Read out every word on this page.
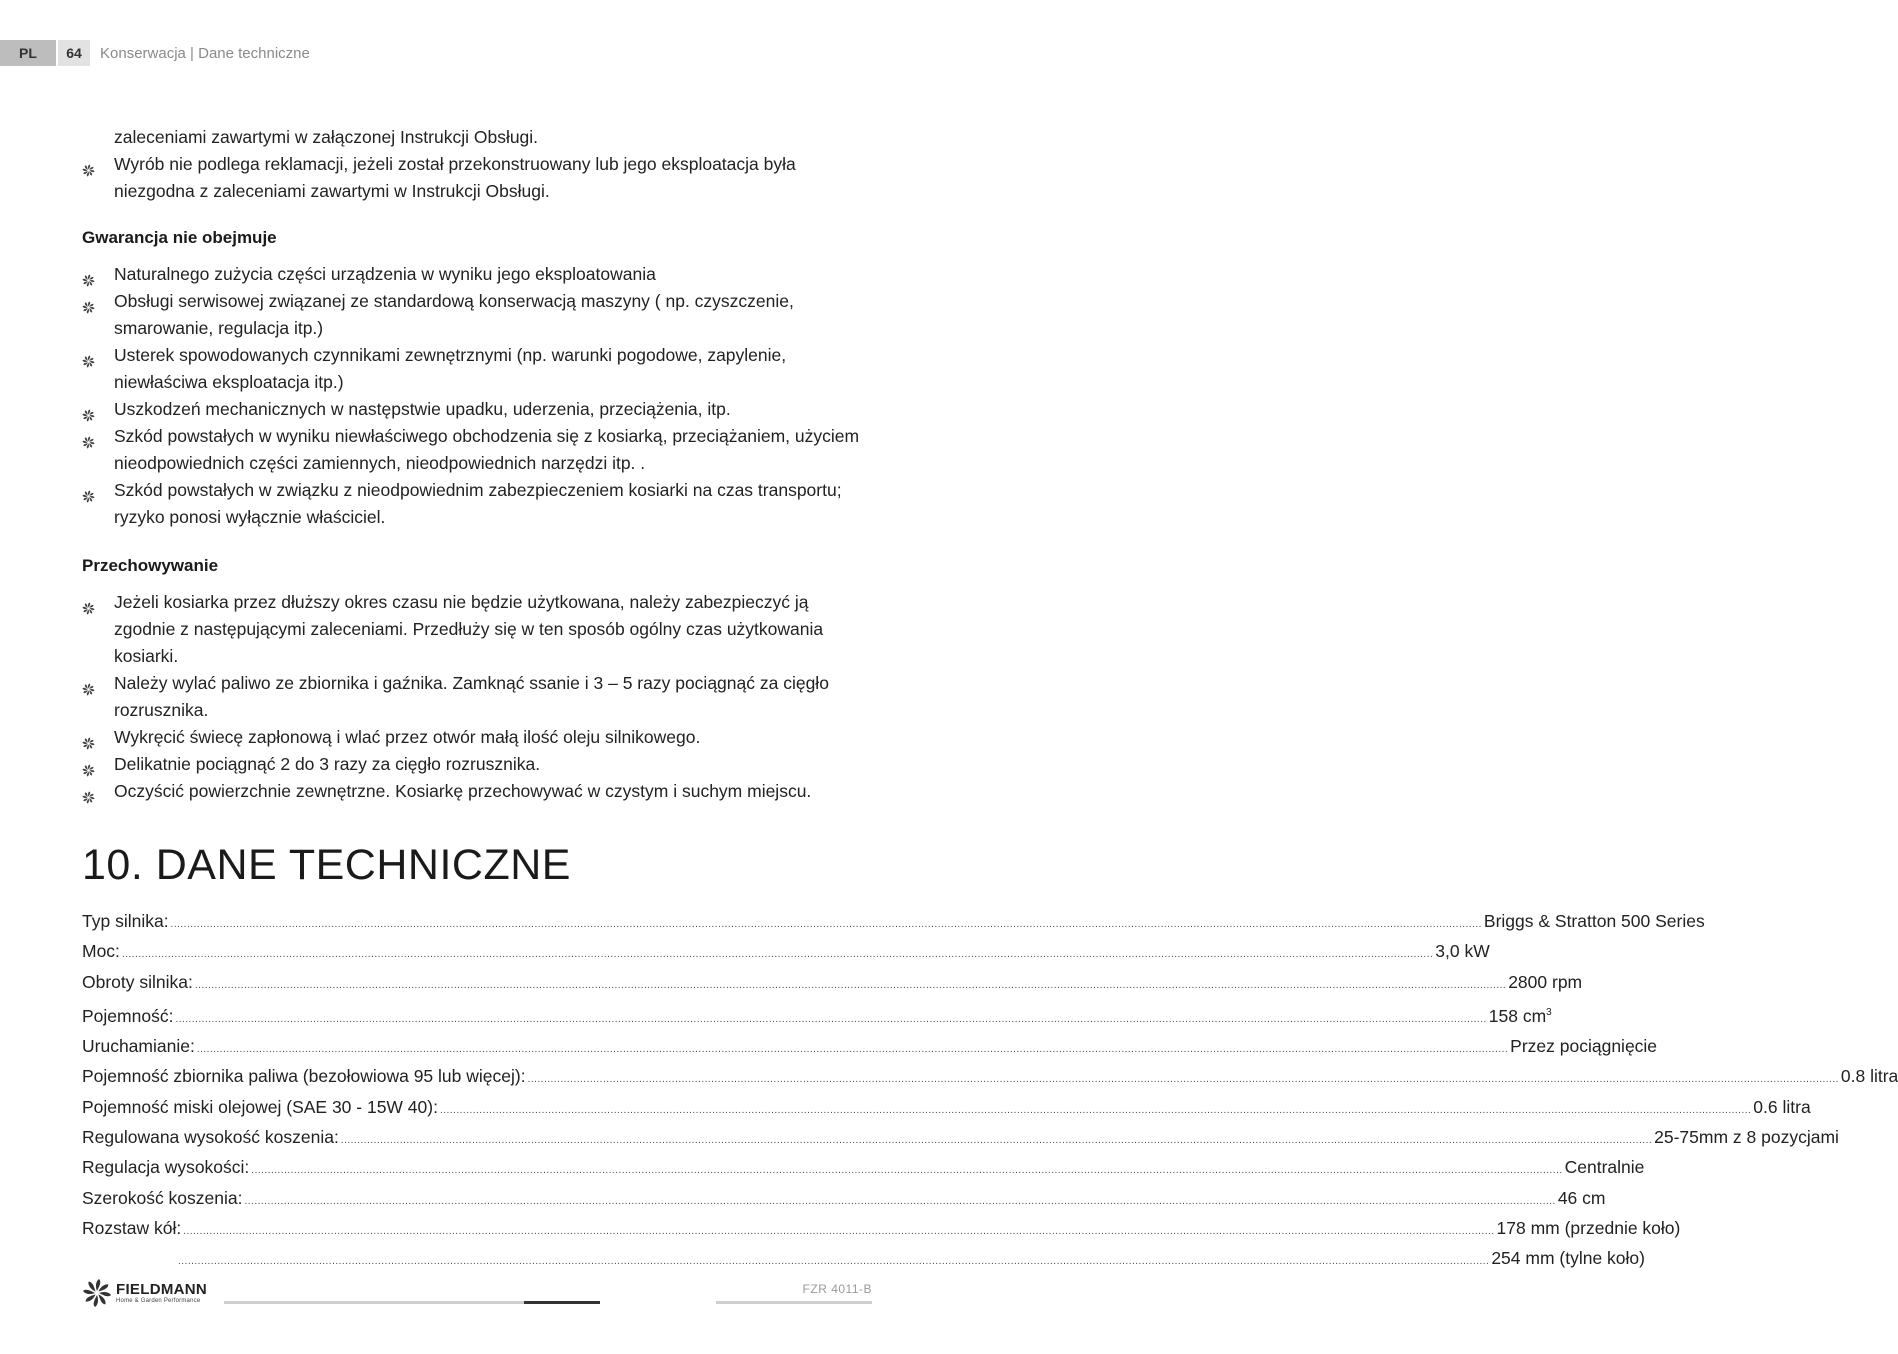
PL	64	Konserwacja | Dane techniczne
zaleceniami zawartymi w załączonej Instrukcji Obsługi.
Wyrób nie podlega reklamacji, jeżeli został przekonstruowany lub jego eksploatacja była niezgodna z zaleceniami zawartymi w Instrukcji Obsługi.
Gwarancja nie obejmuje
Naturalnego zużycia części urządzenia w wyniku jego eksploatowania
Obsługi serwisowej związanej ze standardową konserwacją maszyny ( np. czyszczenie, smarowanie, regulacja itp.)
Usterek spowodowanych czynnikami zewnętrznymi (np. warunki pogodowe, zapylenie, niewłaściwa eksploatacja itp.)
Uszkodzeń mechanicznych w następstwie upadku, uderzenia, przeciążenia, itp.
Szkód powstałych w wyniku niewłaściwego obchodzenia się z kosiarką, przeciążaniem, użyciem nieodpowiednich części zamiennych, nieodpowiednich narzędzi itp. .
Szkód powstałych w związku z nieodpowiednim zabezpieczeniem kosiarki na czas transportu; ryzyko ponosi wyłącznie właściciel.
Przechowywanie
Jeżeli kosiarka przez dłuższy okres czasu nie będzie użytkowana, należy zabezpieczyć ją zgodnie z następującymi zaleceniami. Przedłuży się w ten sposób ogólny czas użytkowania kosiarki.
Należy wylać paliwo ze zbiornika i gaźnika. Zamknąć ssanie i 3 – 5 razy pociągnąć za cięgło rozrusznika.
Wykręcić świecę zapłonową i wlać przez otwór małą ilość oleju silnikowego.
Delikatnie pociągnąć 2 do 3 razy za cięgło rozrusznika.
Oczyścić powierzchnie zewnętrzne. Kosiarkę przechowywać w czystym i suchym miejscu.
10. DANE TECHNICZNE
Typ silnika: ................................................................................................................................................................................................................................................................................................................................................................................................................ Briggs & Stratton 500 Series
Moc: ................................................................................................................................................................................................................................................................................................................................................................................................................ 3,0 kW
Obroty silnika: ................................................................................................................................................................................................................................................................................................................................................................................................................ 2800 rpm
Pojemność: ................................................................................................................................................................................................................................................................................................................................................................................................................ 158 $cm^3$
Uruchamianie: ................................................................................................................................................................................................................................................................................................................................................................................................................ Przez pociągnięcie
Pojemność zbiornika paliwa (bezołowiowa 95 lub więcej): ................................................................................................................................................................................................................................................................................................................................................................................................................ 0.8 litra
Pojemność miski olejowej (SAE 30 - 15W 40): ................................................................................................................................................................................................................................................................................................................................................................................................................ 0.6 litra
Regulowana wysokość koszenia: ................................................................................................................................................................................................................................................................................................................................................................................................................ 25-75mm z 8 pozycjami
Regulacja wysokości: ................................................................................................................................................................................................................................................................................................................................................................................................................ Centralnie
Szerokość koszenia: ................................................................................................................................................................................................................................................................................................................................................................................................................ 46 cm
Rozstaw kół: ................................................................................................................................................................................................................................................................................................................................................................................................................ 178 mm (przednie koło)
................................................................................................................................................................................................................................................................................................................................................................................................................ 254 mm (tylne koło)
FIELDMANN
Home & Garden Performance
FZR 4011-B
